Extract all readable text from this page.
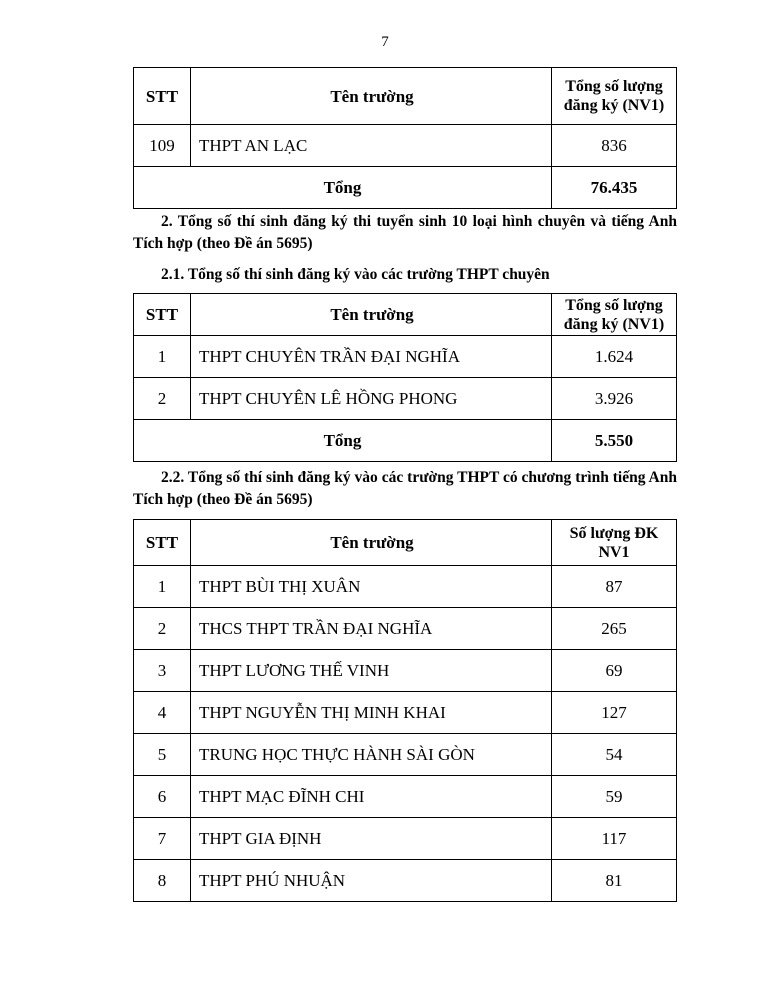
7
STT	Tên trường	Tổng số lượng đăng ký (NV1)
109	THPT AN LẠC	836
Tổng		76.435
2. Tổng số thí sinh đăng ký thi tuyển sinh 10 loại hình chuyên và tiếng Anh Tích hợp (theo Đề án 5695)
2.1. Tổng số thí sinh đăng ký vào các trường THPT chuyên
STT	Tên trường	Tổng số lượng đăng ký (NV1)
1	THPT CHUYÊN TRẦN ĐẠI NGHĨA	1.624
2	THPT CHUYÊN LÊ HỒNG PHONG	3.926
Tổng		5.550
2.2. Tổng số thí sinh đăng ký vào các trường THPT có chương trình tiếng Anh Tích hợp (theo Đề án 5695)
STT	Tên trường	Số lượng ĐK NV1
1	THPT BÙI THỊ XUÂN	87
2	THCS THPT TRẦN ĐẠI NGHĨA	265
3	THPT LƯƠNG THẾ VINH	69
4	THPT NGUYỄN THỊ MINH KHAI	127
5	TRUNG HỌC THỰC HÀNH SÀI GÒN	54
6	THPT MẠC ĐĨNH CHI	59
7	THPT GIA ĐỊNH	117
8	THPT PHÚ NHUẬN	81
